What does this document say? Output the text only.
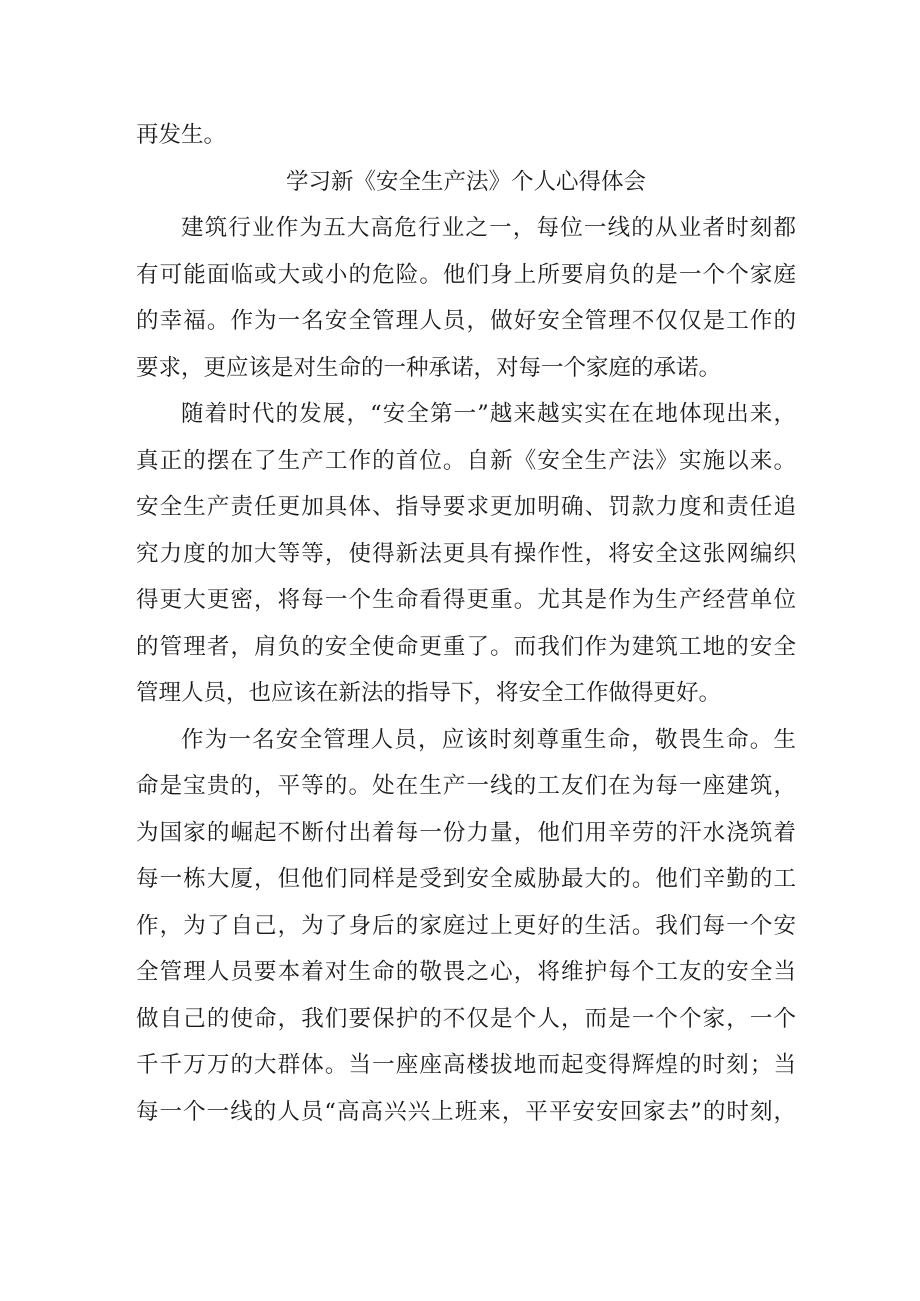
再发生。
学习新《安全生产法》个人心得体会
建筑行业作为五大高危行业之一，每位一线的从业者时刻都
有可能面临或大或小的危险。他们身上所要肩负的是一个个家庭
的幸福。作为一名安全管理人员，做好安全管理不仅仅是工作的
要求，更应该是对生命的一种承诺，对每一个家庭的承诺。
随着时代的发展，“安全第一”越来越实实在在地体现出来，
真正的摆在了生产工作的首位。自新《安全生产法》实施以来。
安全生产责任更加具体、指导要求更加明确、罚款力度和责任追
究力度的加大等等，使得新法更具有操作性，将安全这张网编织
得更大更密，将每一个生命看得更重。尤其是作为生产经营单位
的管理者，肩负的安全使命更重了。而我们作为建筑工地的安全
管理人员，也应该在新法的指导下，将安全工作做得更好。
作为一名安全管理人员，应该时刻尊重生命，敬畏生命。生
命是宝贵的，平等的。处在生产一线的工友们在为每一座建筑，
为国家的崛起不断付出着每一份力量，他们用辛劳的汗水浇筑着
每一栋大厦，但他们同样是受到安全威胁最大的。他们辛勤的工
作，为了自己，为了身后的家庭过上更好的生活。我们每一个安
全管理人员要本着对生命的敬畏之心，将维护每个工友的安全当
做自己的使命，我们要保护的不仅是个人，而是一个个家，一个
千千万万的大群体。当一座座高楼拔地而起变得辉煌的时刻；当
每一个一线的人员“高高兴兴上班来，平平安安回家去”的时刻，
